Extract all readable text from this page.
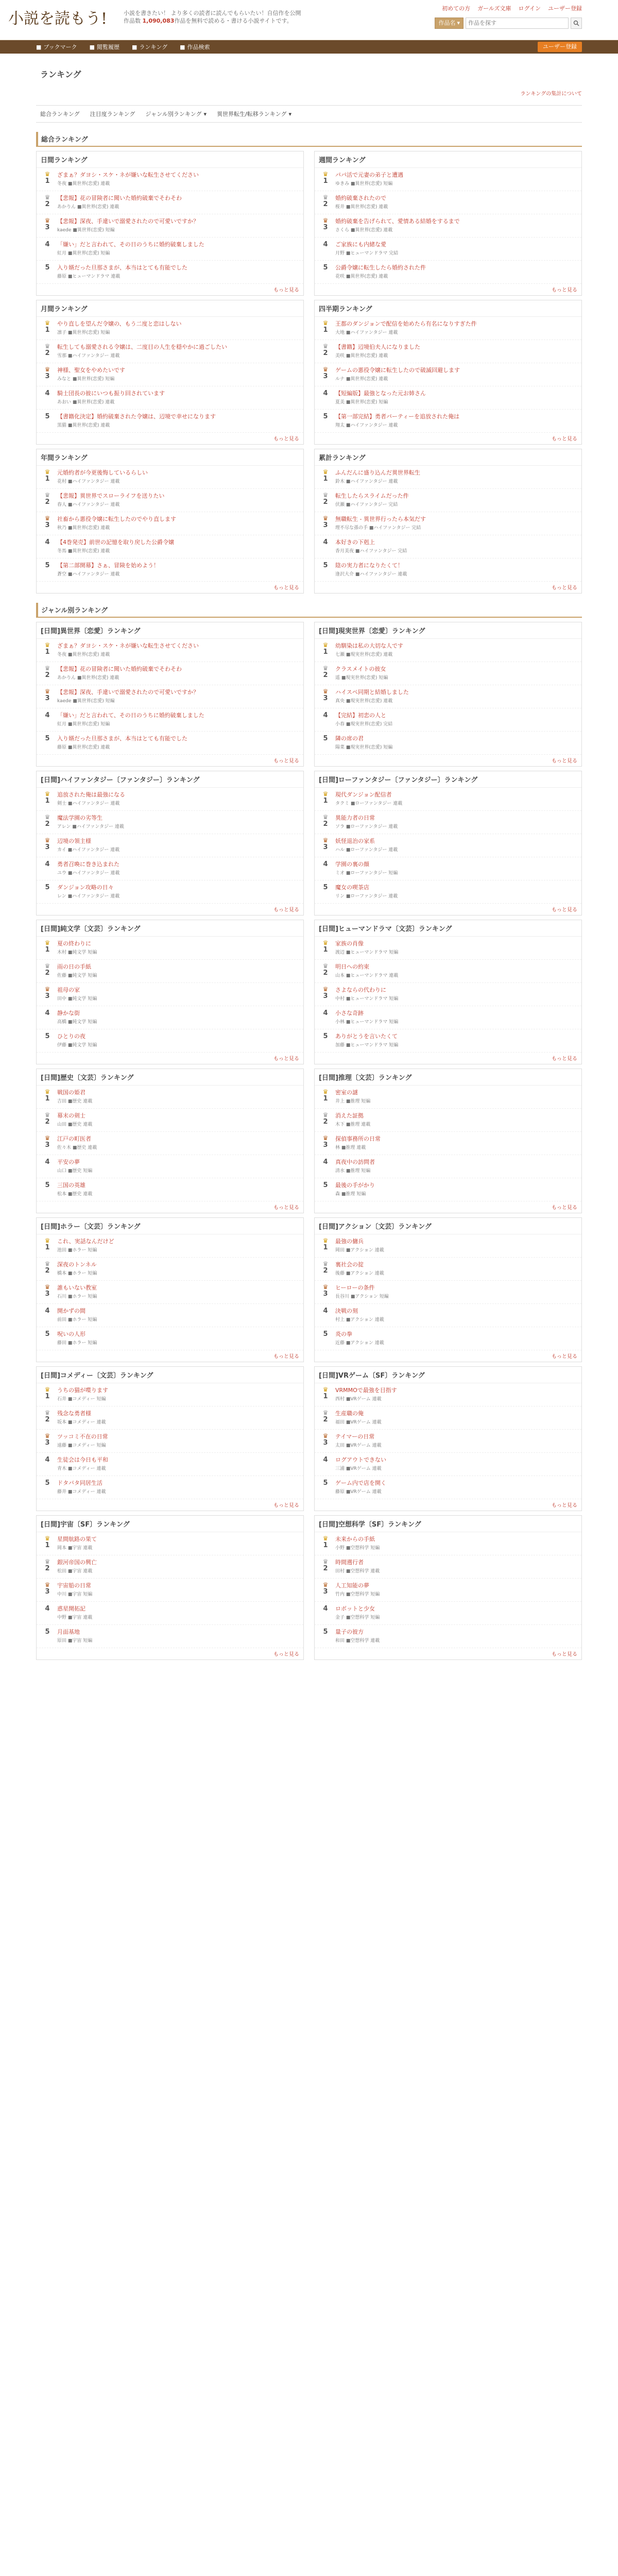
小説を読もう!	小説を書きたい！ より多くの読者に読んでもらいたい！自信作を公開
作品数 1,090,083作品を無料で読める・書ける小説サイトです。
初めての方 ガールズ文庫 ログイン ユーザー登録
作品名 ▾
作品を探す
■ ブックマーク ■ 閲覧履歴 ■ ランキング ■ 作品検索	ユーザー登録
ランキング
ランキングの集計について
総合ランキング 注目度ランキング ジャンル別ランキング ▾ 異世界転生/転移ランキング ▾
総合ランキング
日間ランキング
♛
1
ざまぁ？ダヨシ・スケ・ネが嫌いな転生させてください
冬夜 ■異世界(恋愛) 連載
♛
2
【悲報】花の冒険者に聞いた婚約破棄でそわそわ
あかりん ■異世界(恋愛) 連載
♛
3
【悲報】深夜、手違いで溺愛されたので可愛いですか？
kaede ■異世界(恋愛) 短編
4 「嫌い」だと言われて、その日のうちに婚約破棄しました
紅月 ■異世界(恋愛) 短編
5 入り婿だった旦那さまが、本当はとても有能でした
藤原 ■ヒューマンドラマ 連載
もっと見る
週間ランキング
♛
1
パパ活で元妻の弟子と遭遇
ゆきみ ■異世界(恋愛) 短編
♛
2
婚約破棄されたので
桜井 ■異世界(恋愛) 連載
♛
3
婚約破棄を告げられて、愛情ある結婚をするまで
さくら ■異世界(恋愛) 連載
4 ご家族にも内緒な愛
月野 ■ヒューマンドラマ 完結
5 公爵令嬢に転生したら婚約された件
花咲 ■異世界(恋愛) 連載
もっと見る
月間ランキング
♛
1
やり直しを望んだ令嬢の、もう二度と恋はしない
凛子 ■異世界(恋愛) 短編
♛
2
転生しても溺愛される令嬢は、二度目の人生を穏やかに過ごしたい
雪那 ■ハイファンタジー 連載
♛
3
神様、聖女をやめたいです
みなと ■異世界(恋愛) 短編
4 騎士団長の彼にいつも振り回されています
あおい ■異世界(恋愛) 連載
5 【書籍化決定】婚約破棄された令嬢は、辺境で幸せになります
黒猫 ■異世界(恋愛) 連載
もっと見る
四半期ランキング
♛
1
王都のダンジョンで配信を始めたら有名になりすぎた件
大地 ■ハイファンタジー 連載
♛
2
【書籍】辺境伯夫人になりました
美咲 ■異世界(恋愛) 連載
♛
3
ゲームの悪役令嬢に転生したので破滅回避します
ルナ ■異世界(恋愛) 連載
4 【短編版】最強となった元お姉さん
夏美 ■異世界(恋愛) 短編
5 【第一部完結】勇者パーティーを追放された俺は
翔太 ■ハイファンタジー 連載
もっと見る
年間ランキング
♛
1
元婚約者が今更後悔しているらしい
花村 ■ハイファンタジー 連載
♛
2
【悲報】異世界でスローライフを送りたい
春人 ■ハイファンタジー 連載
♛
3
社畜から悪役令嬢に転生したのでやり直します
秋乃 ■異世界(恋愛) 連載
4 【4巻発売】前世の記憶を取り戻した公爵令嬢
冬馬 ■異世界(恋愛) 連載
5 【第二部開幕】さぁ、冒険を始めよう！
蒼空 ■ハイファンタジー 連載
もっと見る
累計ランキング
♛
1
ふんだんに盛り込んだ異世界転生
鈴木 ■ハイファンタジー 連載
♛
2
転生したらスライムだった件
伏瀬 ■ハイファンタジー 完結
♛
3
無職転生 - 異世界行ったら本気だす
理不尽な孫の手 ■ハイファンタジー 完結
4 本好きの下剋上
香月美夜 ■ハイファンタジー 完結
5 陰の実力者になりたくて！
逢沢大介 ■ハイファンタジー 連載
もっと見る
ジャンル別ランキング
[日間]異世界〔恋愛〕ランキング
♛
1
ざまぁ？ダヨシ・スケ・ネが嫌いな転生させてください
冬夜 ■異世界(恋愛) 連載
♛
2
【悲報】花の冒険者に聞いた婚約破棄でそわそわ
あかりん ■異世界(恋愛) 連載
♛
3
【悲報】深夜、手違いで溺愛されたので可愛いですか？
kaede ■異世界(恋愛) 短編
4 「嫌い」だと言われて、その日のうちに婚約破棄しました
紅月 ■異世界(恋愛) 短編
5 入り婿だった旦那さまが、本当はとても有能でした
藤原 ■異世界(恋愛) 連載
もっと見る
[日間]現実世界〔恋愛〕ランキング
♛
1
幼馴染は私の大切な人です
七瀬 ■現実世界(恋愛) 連載
♛
2
クラスメイトの彼女
遥 ■現実世界(恋愛) 短編
♛
3
ハイスペ同期と結婚しました
真央 ■現実世界(恋愛) 連載
4 【完結】初恋の人と
小春 ■現実世界(恋愛) 完結
5 隣の席の君
陽菜 ■現実世界(恋愛) 短編
もっと見る
[日間]ハイファンタジー〔ファンタジー〕ランキング
♛
1
追放された俺は最強になる
剣士 ■ハイファンタジー 連載
♛
2
魔法学園の劣等生
アレン ■ハイファンタジー 連載
♛
3
辺境の領主様
カイ ■ハイファンタジー 連載
4 勇者召喚に巻き込まれた
ユウ ■ハイファンタジー 連載
5 ダンジョン攻略の日々
レン ■ハイファンタジー 連載
もっと見る
[日間]ローファンタジー〔ファンタジー〕ランキング
♛
1
現代ダンジョン配信者
タクミ ■ローファンタジー 連載
♛
2
異能力者の日常
ソラ ■ローファンタジー 連載
♛
3
妖怪退治の家系
ハル ■ローファンタジー 連載
4 学園の裏の顔
ミオ ■ローファンタジー 短編
5 魔女の喫茶店
リン ■ローファンタジー 連載
もっと見る
[日間]純文学〔文芸〕ランキング
♛
1
夏の終わりに
木村 ■純文学 短編
♛
2
雨の日の手紙
佐藤 ■純文学 短編
♛
3
祖母の家
田中 ■純文学 短編
4 静かな街
高橋 ■純文学 短編
5 ひとりの夜
伊藤 ■純文学 短編
もっと見る
[日間]ヒューマンドラマ〔文芸〕ランキング
♛
1
家族の肖像
渡辺 ■ヒューマンドラマ 短編
♛
2
明日への約束
山本 ■ヒューマンドラマ 連載
♛
3
さよならの代わりに
中村 ■ヒューマンドラマ 短編
4 小さな奇跡
小林 ■ヒューマンドラマ 短編
5 ありがとうを言いたくて
加藤 ■ヒューマンドラマ 短編
もっと見る
[日間]歴史〔文芸〕ランキング
♛
1
戦国の姫君
吉田 ■歴史 連載
♛
2
幕末の剣士
山田 ■歴史 連載
♛
3
江戸の町医者
佐々木 ■歴史 連載
4 平安の夢
山口 ■歴史 短編
5 三国の英雄
松本 ■歴史 連載
もっと見る
[日間]推理〔文芸〕ランキング
♛
1
密室の謎
井上 ■推理 短編
♛
2
消えた証拠
木下 ■推理 連載
♛
3
探偵事務所の日常
林 ■推理 連載
4 真夜中の訪問者
清水 ■推理 短編
5 最後の手がかり
森 ■推理 短編
もっと見る
[日間]ホラー〔文芸〕ランキング
♛
1
これ、実話なんだけど
池田 ■ホラー 短編
♛
2
深夜のトンネル
橋本 ■ホラー 短編
♛
3
誰もいない教室
石川 ■ホラー 短編
4 開かずの間
前田 ■ホラー 短編
5 呪いの人形
藤田 ■ホラー 短編
もっと見る
[日間]アクション〔文芸〕ランキング
♛
1
最強の傭兵
岡田 ■アクション 連載
♛
2
裏社会の掟
後藤 ■アクション 連載
♛
3
ヒーローの条件
長谷川 ■アクション 短編
4 決戦の刻
村上 ■アクション 連載
5 炎の拳
近藤 ■アクション 連載
もっと見る
[日間]コメディー〔文芸〕ランキング
♛
1
うちの猫が喋ります
石井 ■コメディー 短編
♛
2
残念な勇者様
坂本 ■コメディー 連載
♛
3
ツッコミ不在の日常
遠藤 ■コメディー 短編
4 生徒会は今日も平和
青木 ■コメディー 連載
5 ドタバタ同居生活
藤井 ■コメディー 連載
もっと見る
[日間]VRゲーム〔SF〕ランキング
♛
1
VRMMOで最強を目指す
西村 ■VRゲーム 連載
♛
2
生産職の俺
福田 ■VRゲーム 連載
♛
3
テイマーの日常
太田 ■VRゲーム 連載
4 ログアウトできない
三浦 ■VRゲーム 連載
5 ゲーム内で店を開く
藤原 ■VRゲーム 連載
もっと見る
[日間]宇宙〔SF〕ランキング
♛
1
星間航路の果て
岡本 ■宇宙 連載
♛
2
銀河帝国の興亡
松田 ■宇宙 連載
♛
3
宇宙船の日常
中川 ■宇宙 短編
4 惑星開拓記
中野 ■宇宙 連載
5 月面基地
原田 ■宇宙 短編
もっと見る
[日間]空想科学〔SF〕ランキング
♛
1
未来からの手紙
小野 ■空想科学 短編
♛
2
時間遡行者
田村 ■空想科学 連載
♛
3
人工知能の夢
竹内 ■空想科学 短編
4 ロボットと少女
金子 ■空想科学 短編
5 量子の彼方
和田 ■空想科学 連載
もっと見る
